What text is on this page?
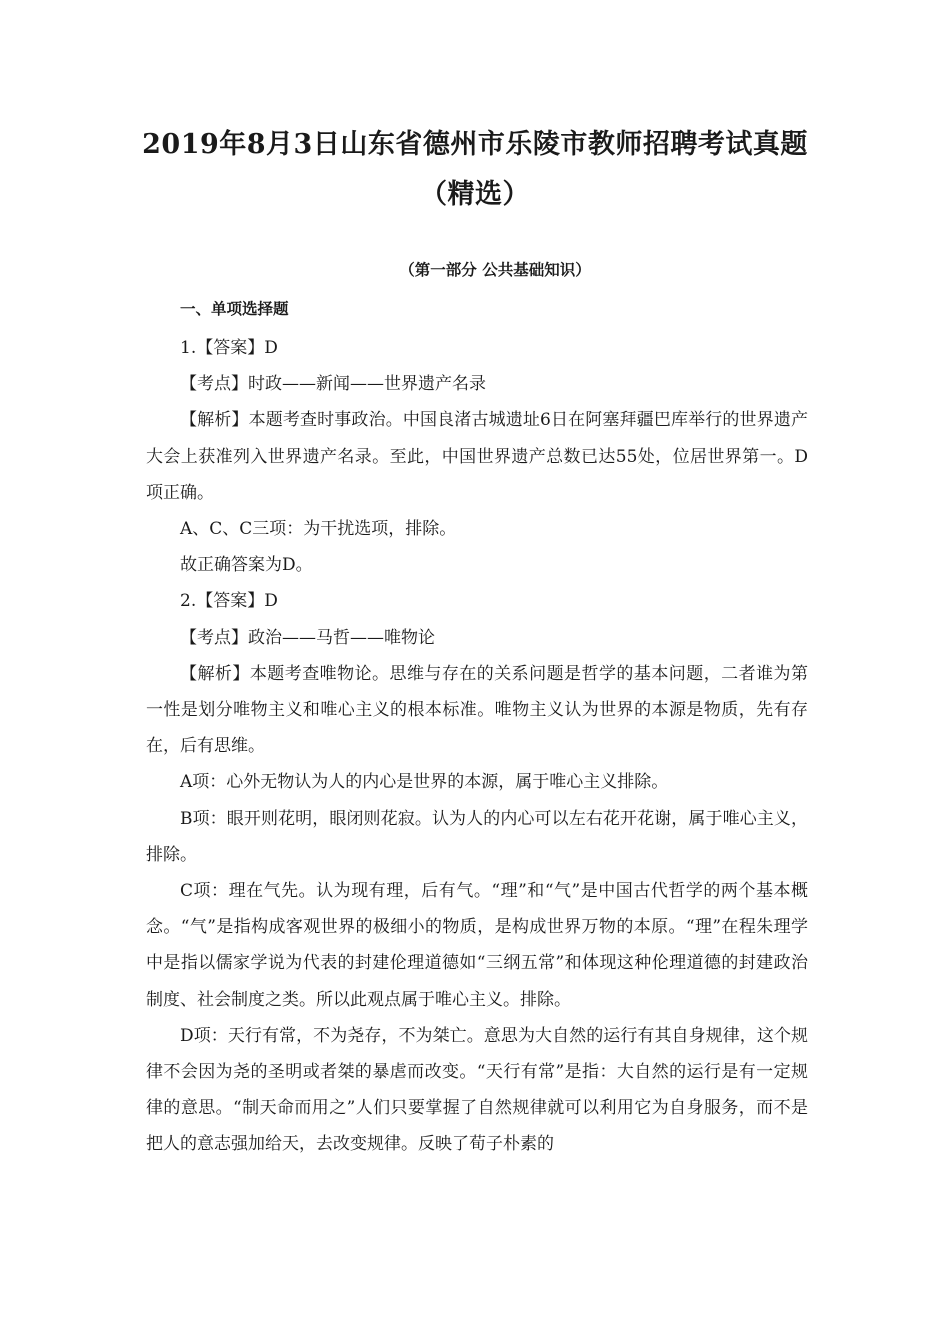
2019年8月3日山东省德州市乐陵市教师招聘考试真题
（精选）
（第一部分 公共基础知识）
一、单项选择题

1.【答案】D

【考点】时政——新闻——世界遗产名录

【解析】本题考查时事政治。中国良渚古城遗址6日在阿塞拜疆巴库举行的世界遗产大会上获准列入世界遗产名录。至此，中国世界遗产总数已达55处，位居世界第一。D项正确。

A、C、C三项：为干扰选项，排除。

故正确答案为D。

2.【答案】D

【考点】政治——马哲——唯物论

【解析】本题考查唯物论。思维与存在的关系问题是哲学的基本问题，二者谁为第一性是划分唯物主义和唯心主义的根本标准。唯物主义认为世界的本源是物质，先有存在，后有思维。

A项：心外无物认为人的内心是世界的本源，属于唯心主义排除。

B项：眼开则花明，眼闭则花寂。认为人的内心可以左右花开花谢，属于唯心主义，排除。

C项：理在气先。认为现有理，后有气。“理”和“气”是中国古代哲学的两个基本概念。“气”是指构成客观世界的极细小的物质，是构成世界万物的本原。“理”在程朱理学中是指以儒家学说为代表的封建伦理道德如“三纲五常”和体现这种伦理道德的封建政治制度、社会制度之类。所以此观点属于唯心主义。排除。

D项：天行有常，不为尧存，不为桀亡。意思为大自然的运行有其自身规律，这个规律不会因为尧的圣明或者桀的暴虐而改变。“天行有常”是指：大自然的运行是有一定规律的意思。“制天命而用之”人们只要掌握了自然规律就可以利用它为自身服务，而不是把人的意志强加给天，去改变规律。反映了荀子朴素的
